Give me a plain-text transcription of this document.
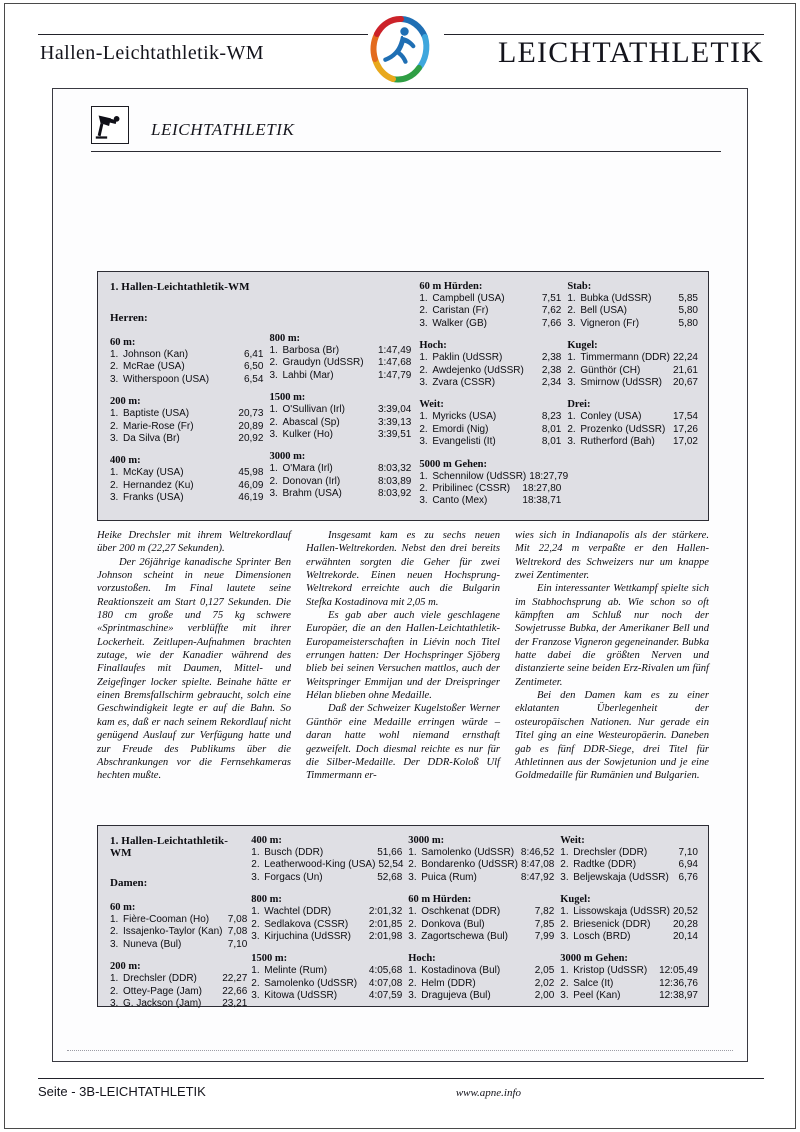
Hallen-Leichtathletik-WM	LEICHTATHLETIK
LEICHTATHLETIK
1. Hallen-Leichtathletik-WM
Herren:
60 m:
1. Johnson (Kan)	6,41
2. McRae (USA)	6,50
3. Witherspoon (USA)	6,54
200 m:
1. Baptiste (USA)	20,73
2. Marie-Rose (Fr)	20,89
3. Da Silva (Br)	20,92
400 m:
1. McKay (USA)	45,98
2. Hernandez (Ku)	46,09
3. Franks (USA)	46,19
800 m:
1. Barbosa (Br)	1:47,49
2. Graudyn (UdSSR)	1:47,68
3. Lahbi (Mar)	1:47,79
1500 m:
1. O'Sullivan (Irl)	3:39,04
2. Abascal (Sp)	3:39,13
3. Kulker (Ho)	3:39,51
3000 m:
1. O'Mara (Irl)	8:03,32
2. Donovan (Irl)	8:03,89
3. Brahm (USA)	8:03,92
60 m Hürden:
1. Campbell (USA)	7,51
2. Caristan (Fr)	7,62
3. Walker (GB)	7,66
Hoch:
1. Paklin (UdSSR)	2,38
2. Awdejenko (UdSSR)	2,38
3. Zvara (CSSR)	2,34
Weit:
1. Myricks (USA)	8,23
2. Emordi (Nig)	8,01
3. Evangelisti (It)	8,01
5000 m Gehen:
1. Schennilow (UdSSR) 18:27,79
2. Pribilinec (CSSR)	18:27,80
3. Canto (Mex)	18:38,71
Stab:
1. Bubka (UdSSR)	5,85
2. Bell (USA)	5,80
3. Vigneron (Fr)	5,80
Kugel:
1. Timmermann (DDR) 22,24
2. Günthör (CH)	21,61
3. Smirnow (UdSSR)	20,67
Drei:
1. Conley (USA)	17,54
2. Prozenko (UdSSR) 17,26
3. Rutherford (Bah)	17,02

Heike Drechsler mit ihrem Weltrekordlauf über 200 m (22,27 Sekunden).

Der 26jährige kanadische Sprinter Ben Johnson scheint in neue Dimensionen vorzustoßen. Im Final lautete seine Reaktionszeit am Start 0,127 Sekunden. Die 180 cm große und 75 kg schwere «Sprintmaschine» verblüffte mit ihrer Lockerheit. Zeitlupen-Aufnahmen brachten zutage, wie der Kanadier während des Finallaufes mit Daumen, Mittel- und Zeigefinger locker spielte. Beinahe hätte er einen Bremsfallschirm gebraucht, solch eine Geschwindigkeit legte er auf die Bahn. So kam es, daß er nach seinem Rekordlauf nicht genügend Auslauf zur Verfügung hatte und zur Freude des Publikums über die Abschrankungen vor die Fernsehkameras hechten mußte.

Insgesamt kam es zu sechs neuen Hallen-Weltrekorden. Nebst den drei bereits erwähnten sorgten die Geher für zwei Weltrekorde. Einen neuen Hochsprung-Weltrekord erreichte auch die Bulgarin Stefka Kostadinova mit 2,05 m.

Es gab aber auch viele geschlagene Europäer, die an den Hallen-Leichtathletik-Europameisterschaften in Liévin noch Titel errungen hatten: Der Hochspringer Sjöberg blieb bei seinen Versuchen mattlos, auch der Weitspringer Emmijan und der Dreispringer Hélan blieben ohne Medaille.

Daß der Schweizer Kugelstoßer Werner Günthör eine Medaille erringen würde – daran hatte wohl niemand ernsthaft gezweifelt. Doch diesmal reichte es nur für die Silber-Medaille. Der DDR-Koloß Ulf Timmermann er-

wies sich in Indianapolis als der stärkere. Mit 22,24 m verpaßte er den Hallen-Weltrekord des Schweizers nur um knappe zwei Zentimenter.

Ein interessanter Wettkampf spielte sich im Stabhochsprung ab. Wie schon so oft kämpften am Schluß nur noch der Sowjetrusse Bubka, der Amerikaner Bell und der Franzose Vigneron gegeneinander. Bubka hatte dabei die größten Nerven und distanzierte seine beiden Erz-Rivalen um fünf Zentimeter.

Bei den Damen kam es zu einer eklatanten Überlegenheit der osteuropäischen Nationen. Nur gerade ein Titel ging an eine Westeuropäerin. Daneben gab es fünf DDR-Siege, drei Titel für Athletinnen aus der Sowjetunion und je eine Goldmedaille für Rumänien und Bulgarien.

1. Hallen-Leichtathletik-WM
Damen:
60 m:
1. Fière-Cooman (Ho)	7,08
2. Issajenko-Taylor (Kan) 7,08
3. Nuneva (Bul)	7,10
200 m:
1. Drechsler (DDR)	22,27
2. Ottey-Page (Jam)	22,66
3. G. Jackson (Jam)	23,21
400 m:
1. Busch (DDR)	51,66
2. Leatherwood-King (USA) 52,54
3. Forgacs (Un)	52,68
800 m:
1. Wachtel (DDR)	2:01,32
2. Sedlakova (CSSR)	2:01,85
3. Kirjuchina (UdSSR)	2:01,98
1500 m:
1. Melinte (Rum)	4:05,68
2. Samolenko (UdSSR)	4:07,08
3. Kitowa (UdSSR)	4:07,59
3000 m:
1. Samolenko (UdSSR) 8:46,52
2. Bondarenko (UdSSR) 8:47,08
3. Puica (Rum)	8:47,92
60 m Hürden:
1. Oschkenat (DDR)	7,82
2. Donkova (Bul)	7,85
3. Zagortschewa (Bul)	7,99
Hoch:
1. Kostadinova (Bul)	2,05
2. Helm (DDR)	2,02
3. Dragujeva (Bul)	2,00
Weit:
1. Drechsler (DDR)	7,10
2. Radtke (DDR)	6,94
3. Beljewskaja (UdSSR) 6,76
Kugel:
1. Lissowskaja (UdSSR) 20,52
2. Briesenick (DDR)	20,28
3. Losch (BRD)	20,14
3000 m Gehen:
1. Kristop (UdSSR)	12:05,49
2. Salce (It)	12:36,76
3. Peel (Kan)	12:38,97
Seite - 3B-LEICHTATHLETIK	www.apne.info
